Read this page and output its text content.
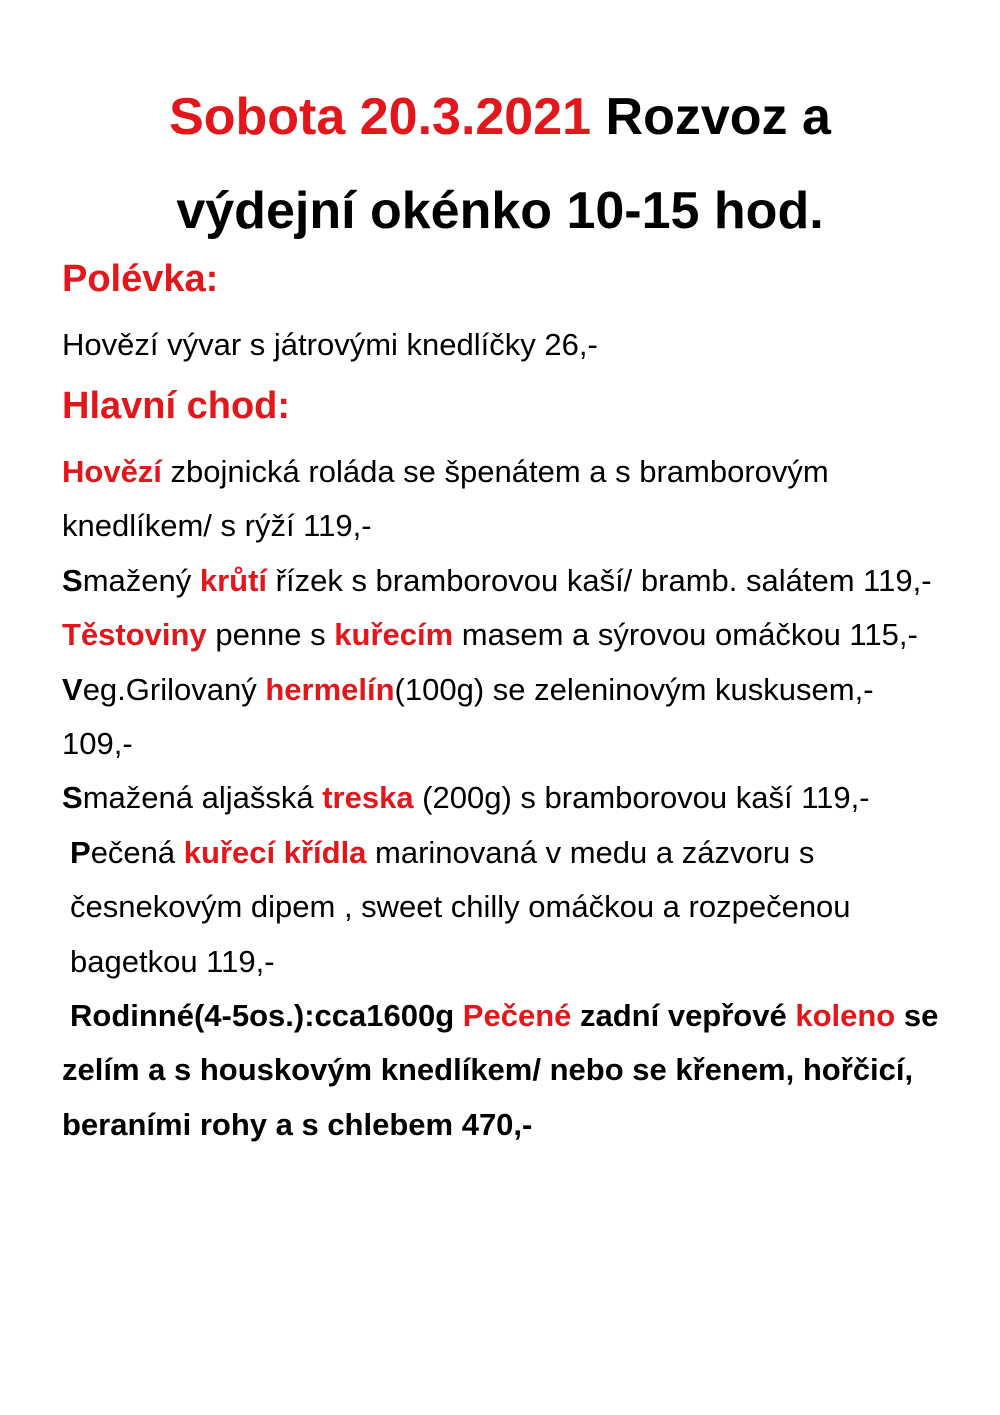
Sobota 20.3.2021 Rozvoz a
výdejní okénko 10-15 hod.
Polévka:
Hovězí vývar s játrovými knedlíčky 26,-
Hlavní chod:

Hovězí zbojnická roláda se špenátem a s bramborovým knedlíkem/ s rýží 119,-

Smažený krůtí řízek s bramborovou kaší/ bramb. salátem 119,-

Těstoviny penne s kuřecím masem a sýrovou omáčkou 115,-

Veg.Grilovaný hermelín(100g) se zeleninovým kuskusem,- 109,-

Smažená aljašská treska (200g) s bramborovou kaší 119,-

Pečená kuřecí křídla marinovaná v medu a zázvoru s česnekovým dipem , sweet chilly omáčkou a rozpečenou bagetkou 119,-

Rodinné(4-5os.):cca1600g Pečené zadní vepřové koleno se zelím a s houskovým knedlíkem/ nebo se křenem, hořčicí, beraními rohy a s chlebem 470,-
